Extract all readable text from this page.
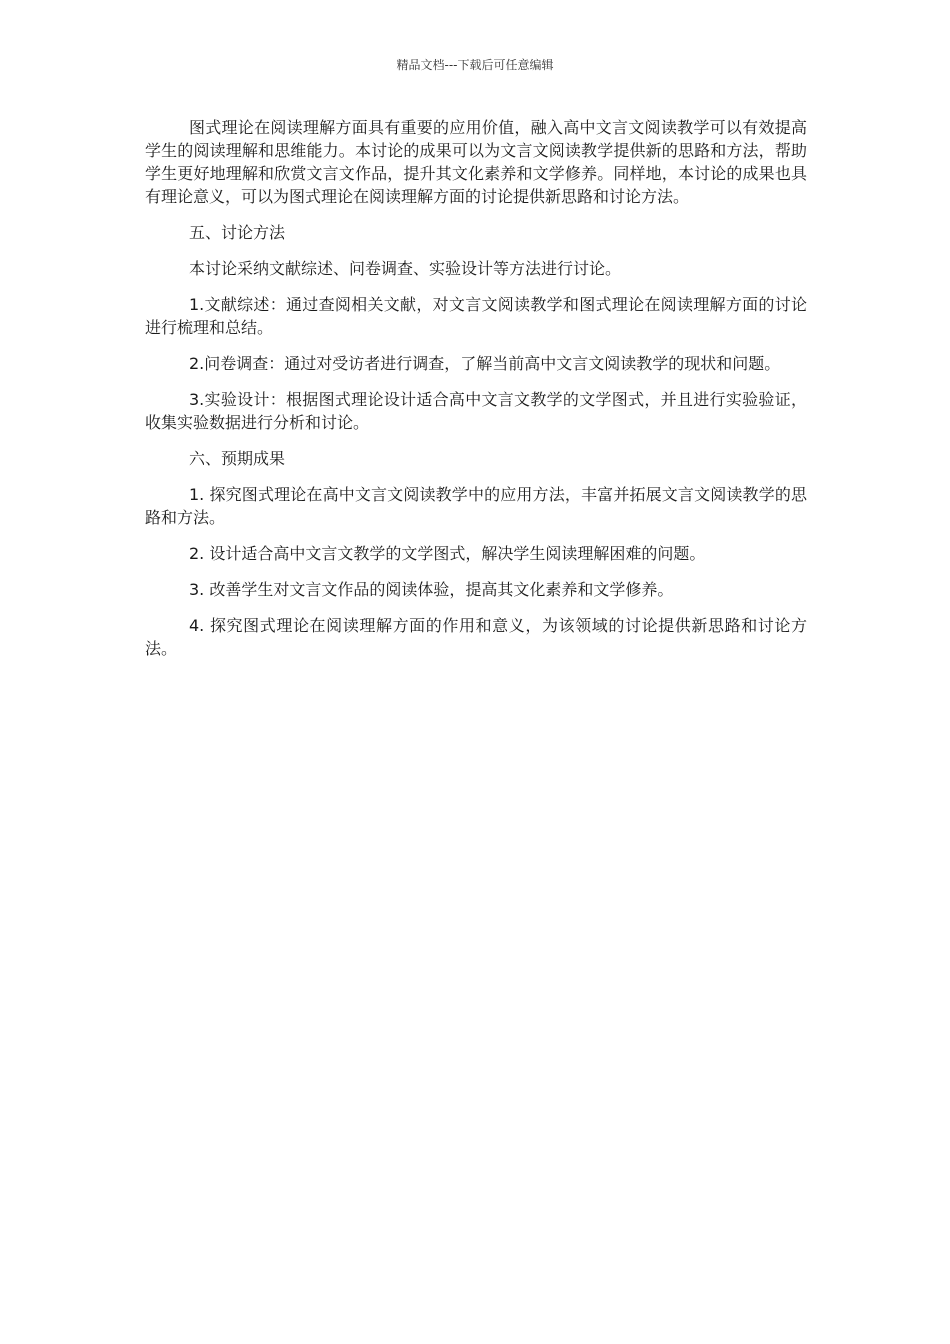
精品文档---下载后可任意编辑

图式理论在阅读理解方面具有重要的应用价值，融入高中文言文阅读教学可以有效提高学生的阅读理解和思维能力。本讨论的成果可以为文言文阅读教学提供新的思路和方法，帮助学生更好地理解和欣赏文言文作品，提升其文化素养和文学修养。同样地，本讨论的成果也具有理论意义，可以为图式理论在阅读理解方面的讨论提供新思路和讨论方法。

五、讨论方法

本讨论采纳文献综述、问卷调查、实验设计等方法进行讨论。

1.文献综述：通过查阅相关文献，对文言文阅读教学和图式理论在阅读理解方面的讨论进行梳理和总结。

2.问卷调查：通过对受访者进行调查，了解当前高中文言文阅读教学的现状和问题。

3.实验设计：根据图式理论设计适合高中文言文教学的文学图式，并且进行实验验证，收集实验数据进行分析和讨论。

六、预期成果

1. 探究图式理论在高中文言文阅读教学中的应用方法，丰富并拓展文言文阅读教学的思路和方法。

2. 设计适合高中文言文教学的文学图式，解决学生阅读理解困难的问题。

3. 改善学生对文言文作品的阅读体验，提高其文化素养和文学修养。

4. 探究图式理论在阅读理解方面的作用和意义，为该领域的讨论提供新思路和讨论方法。
